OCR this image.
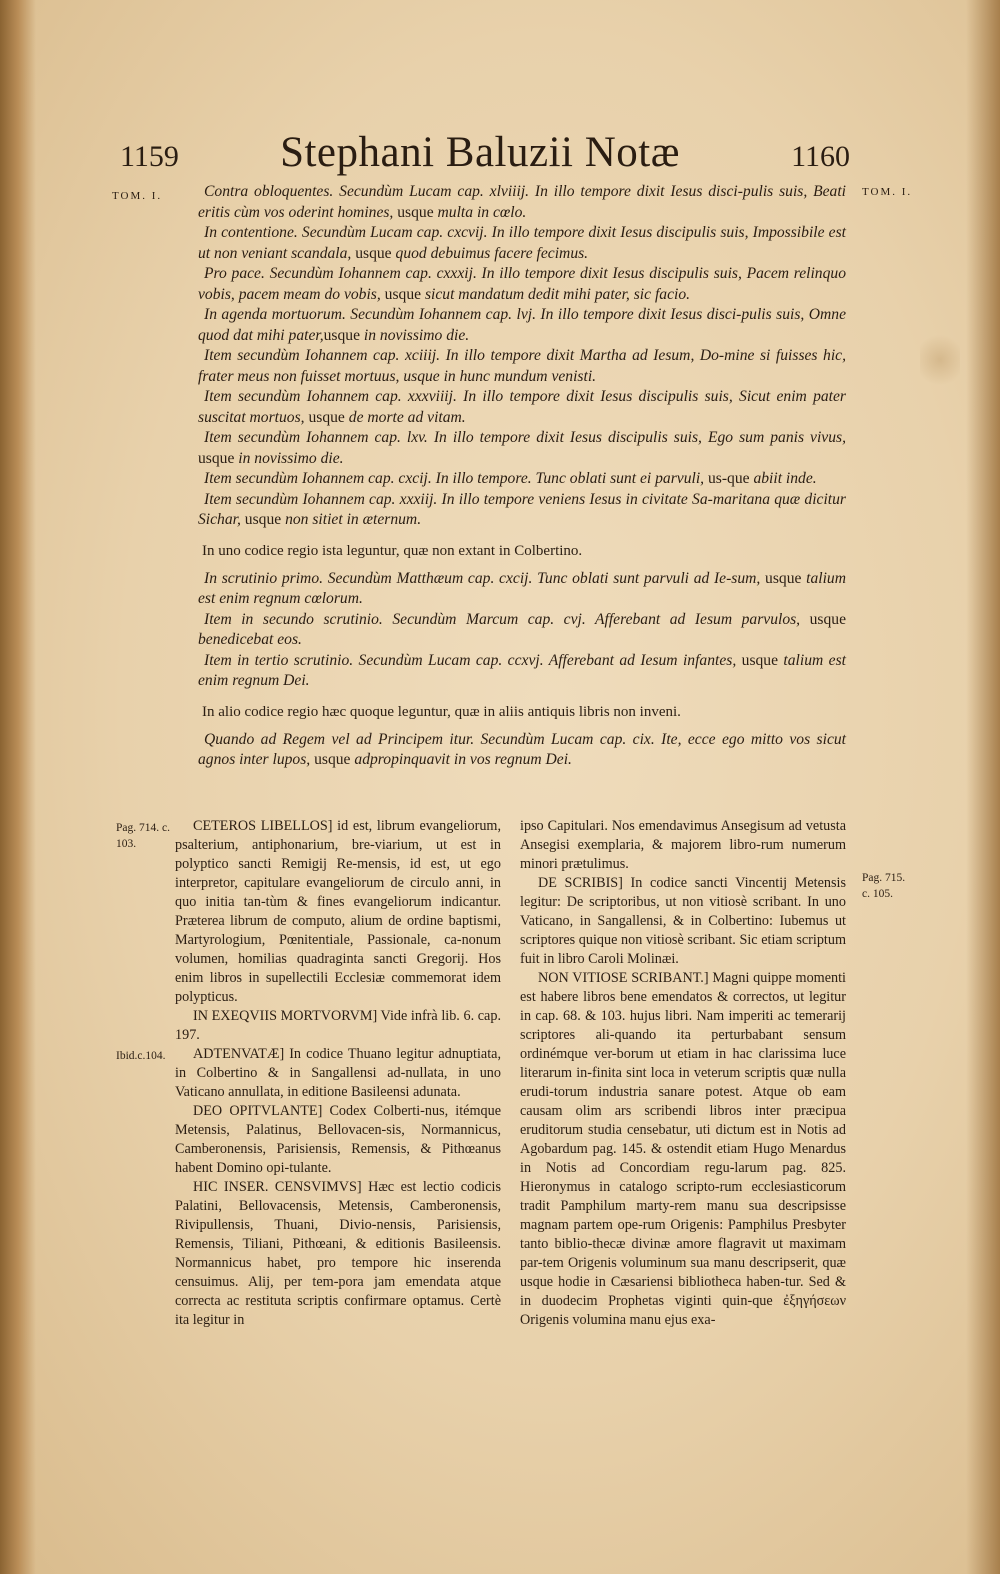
1159	Stephani Baluzii Notæ	1160
TOM. I.	TOM. I.

Contra obloquentes. Secundùm Lucam cap. xlviiij. In illo tempore dixit Iesus disci-pulis suis, Beati eritis cùm vos oderint homines, usque multa in cœlo.

In contentione. Secundùm Lucam cap. cxcvij. In illo tempore dixit Iesus discipulis suis, Impossibile est ut non veniant scandala, usque quod debuimus facere fecimus.

Pro pace. Secundùm Iohannem cap. cxxxij. In illo tempore dixit Iesus discipulis suis, Pacem relinquo vobis, pacem meam do vobis, usque sicut mandatum dedit mihi pater, sic facio.

In agenda mortuorum. Secundùm Iohannem cap. lvj. In illo tempore dixit Iesus disci-pulis suis, Omne quod dat mihi pater,usque in novissimo die.

Item secundùm Iohannem cap. xciiij. In illo tempore dixit Martha ad Iesum, Do-mine si fuisses hic, frater meus non fuisset mortuus, usque in hunc mundum venisti.

Item secundùm Iohannem cap. xxxviiij. In illo tempore dixit Iesus discipulis suis, Sicut enim pater suscitat mortuos, usque de morte ad vitam.

Item secundùm Iohannem cap. lxv. In illo tempore dixit Iesus discipulis suis, Ego sum panis vivus, usque in novissimo die.

Item secundùm Iohannem cap. cxcij. In illo tempore. Tunc oblati sunt ei parvuli, us-que abiit inde.

Item secundùm Iohannem cap. xxxiij. In illo tempore veniens Iesus in civitate Sa-maritana quæ dicitur Sichar, usque non sitiet in æternum.

In uno codice regio ista leguntur, quæ non extant in Colbertino.

In scrutinio primo. Secundùm Matthæum cap. cxcij. Tunc oblati sunt parvuli ad Ie-sum, usque talium est enim regnum cœlorum.

Item in secundo scrutinio. Secundùm Marcum cap. cvj. Afferebant ad Iesum parvulos, usque benedicebat eos.

Item in tertio scrutinio. Secundùm Lucam cap. ccxvj. Afferebant ad Iesum infantes, usque talium est enim regnum Dei.

In alio codice regio hæc quoque leguntur, quæ in aliis antiquis libris non inveni.

Quando ad Regem vel ad Principem itur. Secundùm Lucam cap. cix. Ite, ecce ego mitto vos sicut agnos inter lupos, usque adpropinquavit in vos regnum Dei.

Pag. 714. c. 103.
Ibid.c.104.
Pag. 715. c. 105.

CETEROS LIBELLOS] id est, librum evangeliorum, psalterium, antiphonarium, bre-viarium, ut est in polyptico sancti Remigij Re-mensis, id est, ut ego interpretor, capitulare evangeliorum de circulo anni, in quo initia tan-tùm & fines evangeliorum indicantur. Præterea librum de computo, alium de ordine baptismi, Martyrologium, Pœnitentiale, Passionale, ca-nonum volumen, homilias quadraginta sancti Gregorij. Hos enim libros in supellectili Ecclesiæ commemorat idem polypticus.

IN EXEQVIIS MORTVORVM] Vide infrà lib. 6. cap. 197.

ADTENVATÆ] In codice Thuano legitur adnuptiata, in Colbertino & in Sangallensi ad-nullata, in uno Vaticano annullata, in editione Basileensi adunata.

DEO OPITVLANTE] Codex Colberti-nus, itémque Metensis, Palatinus, Bellovacen-sis, Normannicus, Camberonensis, Parisiensis, Remensis, & Pithœanus habent Domino opi-tulante.

HIC INSER. CENSVIMVS] Hæc est lectio codicis Palatini, Bellovacensis, Metensis, Camberonensis, Rivipullensis, Thuani, Divio-nensis, Parisiensis, Remensis, Tiliani, Pithœani, & editionis Basileensis. Normannicus habet, pro tempore hic inserenda censuimus. Alij, per tem-pora jam emendata atque correcta ac restituta scriptis confirmare optamus. Certè ita legitur in

ipso Capitulari. Nos emendavimus Ansegisum ad vetusta Ansegisi exemplaria, & majorem libro-rum numerum minori prætulimus.

DE SCRIBIS] In codice sancti Vincentij Metensis legitur: De scriptoribus, ut non vitiosè scribant. In uno Vaticano, in Sangallensi, & in Colbertino: Iubemus ut scriptores quique non vitiosè scribant. Sic etiam scriptum fuit in libro Caroli Molinæi.

NON VITIOSE SCRIBANT.] Magni quippe momenti est habere libros bene emendatos & correctos, ut legitur in cap. 68. & 103. hujus libri. Nam imperiti ac temerarij scriptores ali-quando ita perturbabant sensum ordinémque ver-borum ut etiam in hac clarissima luce literarum in-finita sint loca in veterum scriptis quæ nulla erudi-torum industria sanare potest. Atque ob eam causam olim ars scribendi libros inter præcipua eruditorum studia censebatur, uti dictum est in Notis ad Agobardum pag. 145. & ostendit etiam Hugo Menardus in Notis ad Concordiam regu-larum pag. 825. Hieronymus in catalogo scripto-rum ecclesiasticorum tradit Pamphilum marty-rem manu sua descripsisse magnam partem ope-rum Origenis: Pamphilus Presbyter tanto biblio-thecæ divinæ amore flagravit ut maximam par-tem Origenis voluminum sua manu descripserit, quæ usque hodie in Cæsariensi bibliotheca haben-tur. Sed & in duodecim Prophetas viginti quin-que ἐξηγήσεων Origenis volumina manu ejus exa-
